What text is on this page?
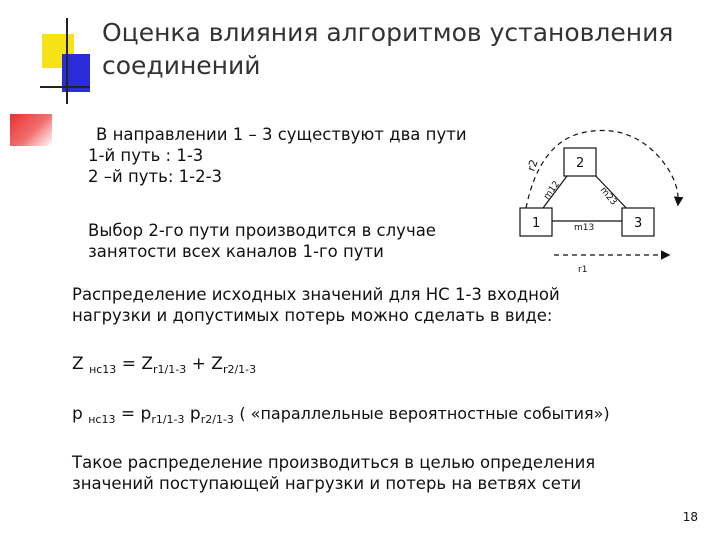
Оценка влияния алгоритмов установления
соединений
В направлении 1 – 3 существуют два пути
1-й путь : 1-3
2 –й путь: 1-2-3
Выбор 2-го пути производится в случае
занятости всех каналов 1-го пути
1
2
3
r2
m12	m23
m13
r1
Распределение исходных значений для НС 1-3 входной
нагрузки и допустимых потерь можно сделать в виде:
Z $_{нс13} = Z_{r1/1-3} + Z_{r2/1-3}$
p $_{нс13} = p_{r1/1-3}$ $p_{r2/1-3}$ ( «параллельные вероятностные события»)
Такое распределение производиться в целью определения
значений поступающей нагрузки и потерь на ветвях сети
18
